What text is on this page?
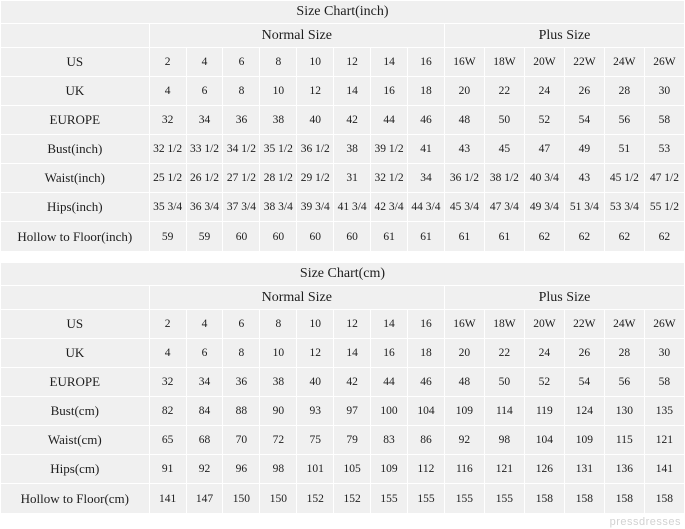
Size Chart(inch)														
	Normal Size								Plus Size					
US	2	4	6	8	10	12	14	16	16W	18W	20W	22W	24W	26W
UK	4	6	8	10	12	14	16	18	20	22	24	26	28	30
EUROPE	32	34	36	38	40	42	44	46	48	50	52	54	56	58
Bust(inch)	32 1/2	33 1/2	34 1/2	35 1/2	36 1/2	38	39 1/2	41	43	45	47	49	51	53
Waist(inch)	25 1/2	26 1/2	27 1/2	28 1/2	29 1/2	31	32 1/2	34	36 1/2	38 1/2	40 3/4	43	45 1/2	47 1/2
Hips(inch)	35 3/4	36 3/4	37 3/4	38 3/4	39 3/4	41 3/4	42 3/4	44 3/4	45 3/4	47 3/4	49 3/4	51 3/4	53 3/4	55 1/2
Hollow to Floor(inch)	59	59	60	60	60	60	61	61	61	61	62	62	62	62
Size Chart(cm)														
	Normal Size								Plus Size					
US	2	4	6	8	10	12	14	16	16W	18W	20W	22W	24W	26W
UK	4	6	8	10	12	14	16	18	20	22	24	26	28	30
EUROPE	32	34	36	38	40	42	44	46	48	50	52	54	56	58
Bust(cm)	82	84	88	90	93	97	100	104	109	114	119	124	130	135
Waist(cm)	65	68	70	72	75	79	83	86	92	98	104	109	115	121
Hips(cm)	91	92	96	98	101	105	109	112	116	121	126	131	136	141
Hollow to Floor(cm)	141	147	150	150	152	152	155	155	155	155	158	158	158	158
pressdresses
